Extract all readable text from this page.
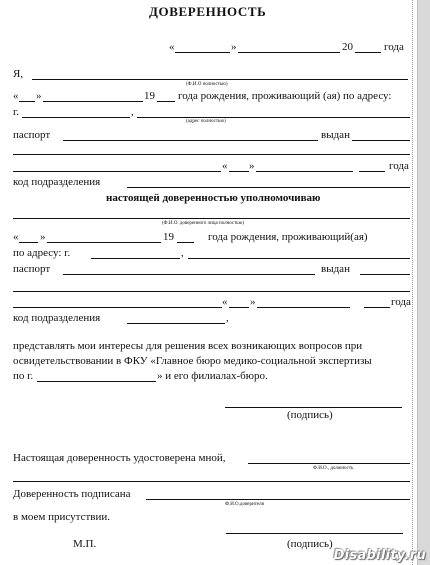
ДОВЕРЕННОСТЬ
«	»	20	года
Я,
(Ф.И.О полностью)
« »	19 года рождения, проживающий (ая) по адресу:
г.	,
(адрес полностью)
паспорт	выдан
« »	года
код подразделения
настоящей доверенностью уполномочиваю
(Ф.И.О. доверенного лица полностью)
« »	19	года рождения, проживающий(ая)
по адресу: г.	,
паспорт	выдан
« »	года
код подразделения	,
представлять мои интересы для решения всех возникающих вопросов при
освидетельствовании в ФКУ «Главное бюро медико-социальной экспертизы
по г.	» и его филиалах-бюро.
(подпись)
Настоящая доверенность удостоверена мной,
Ф.И.О., должность
Доверенность подписана
Ф.И.О.доверителя
в моем присутствии.
М.П.	(подпись)
Disability.ru
